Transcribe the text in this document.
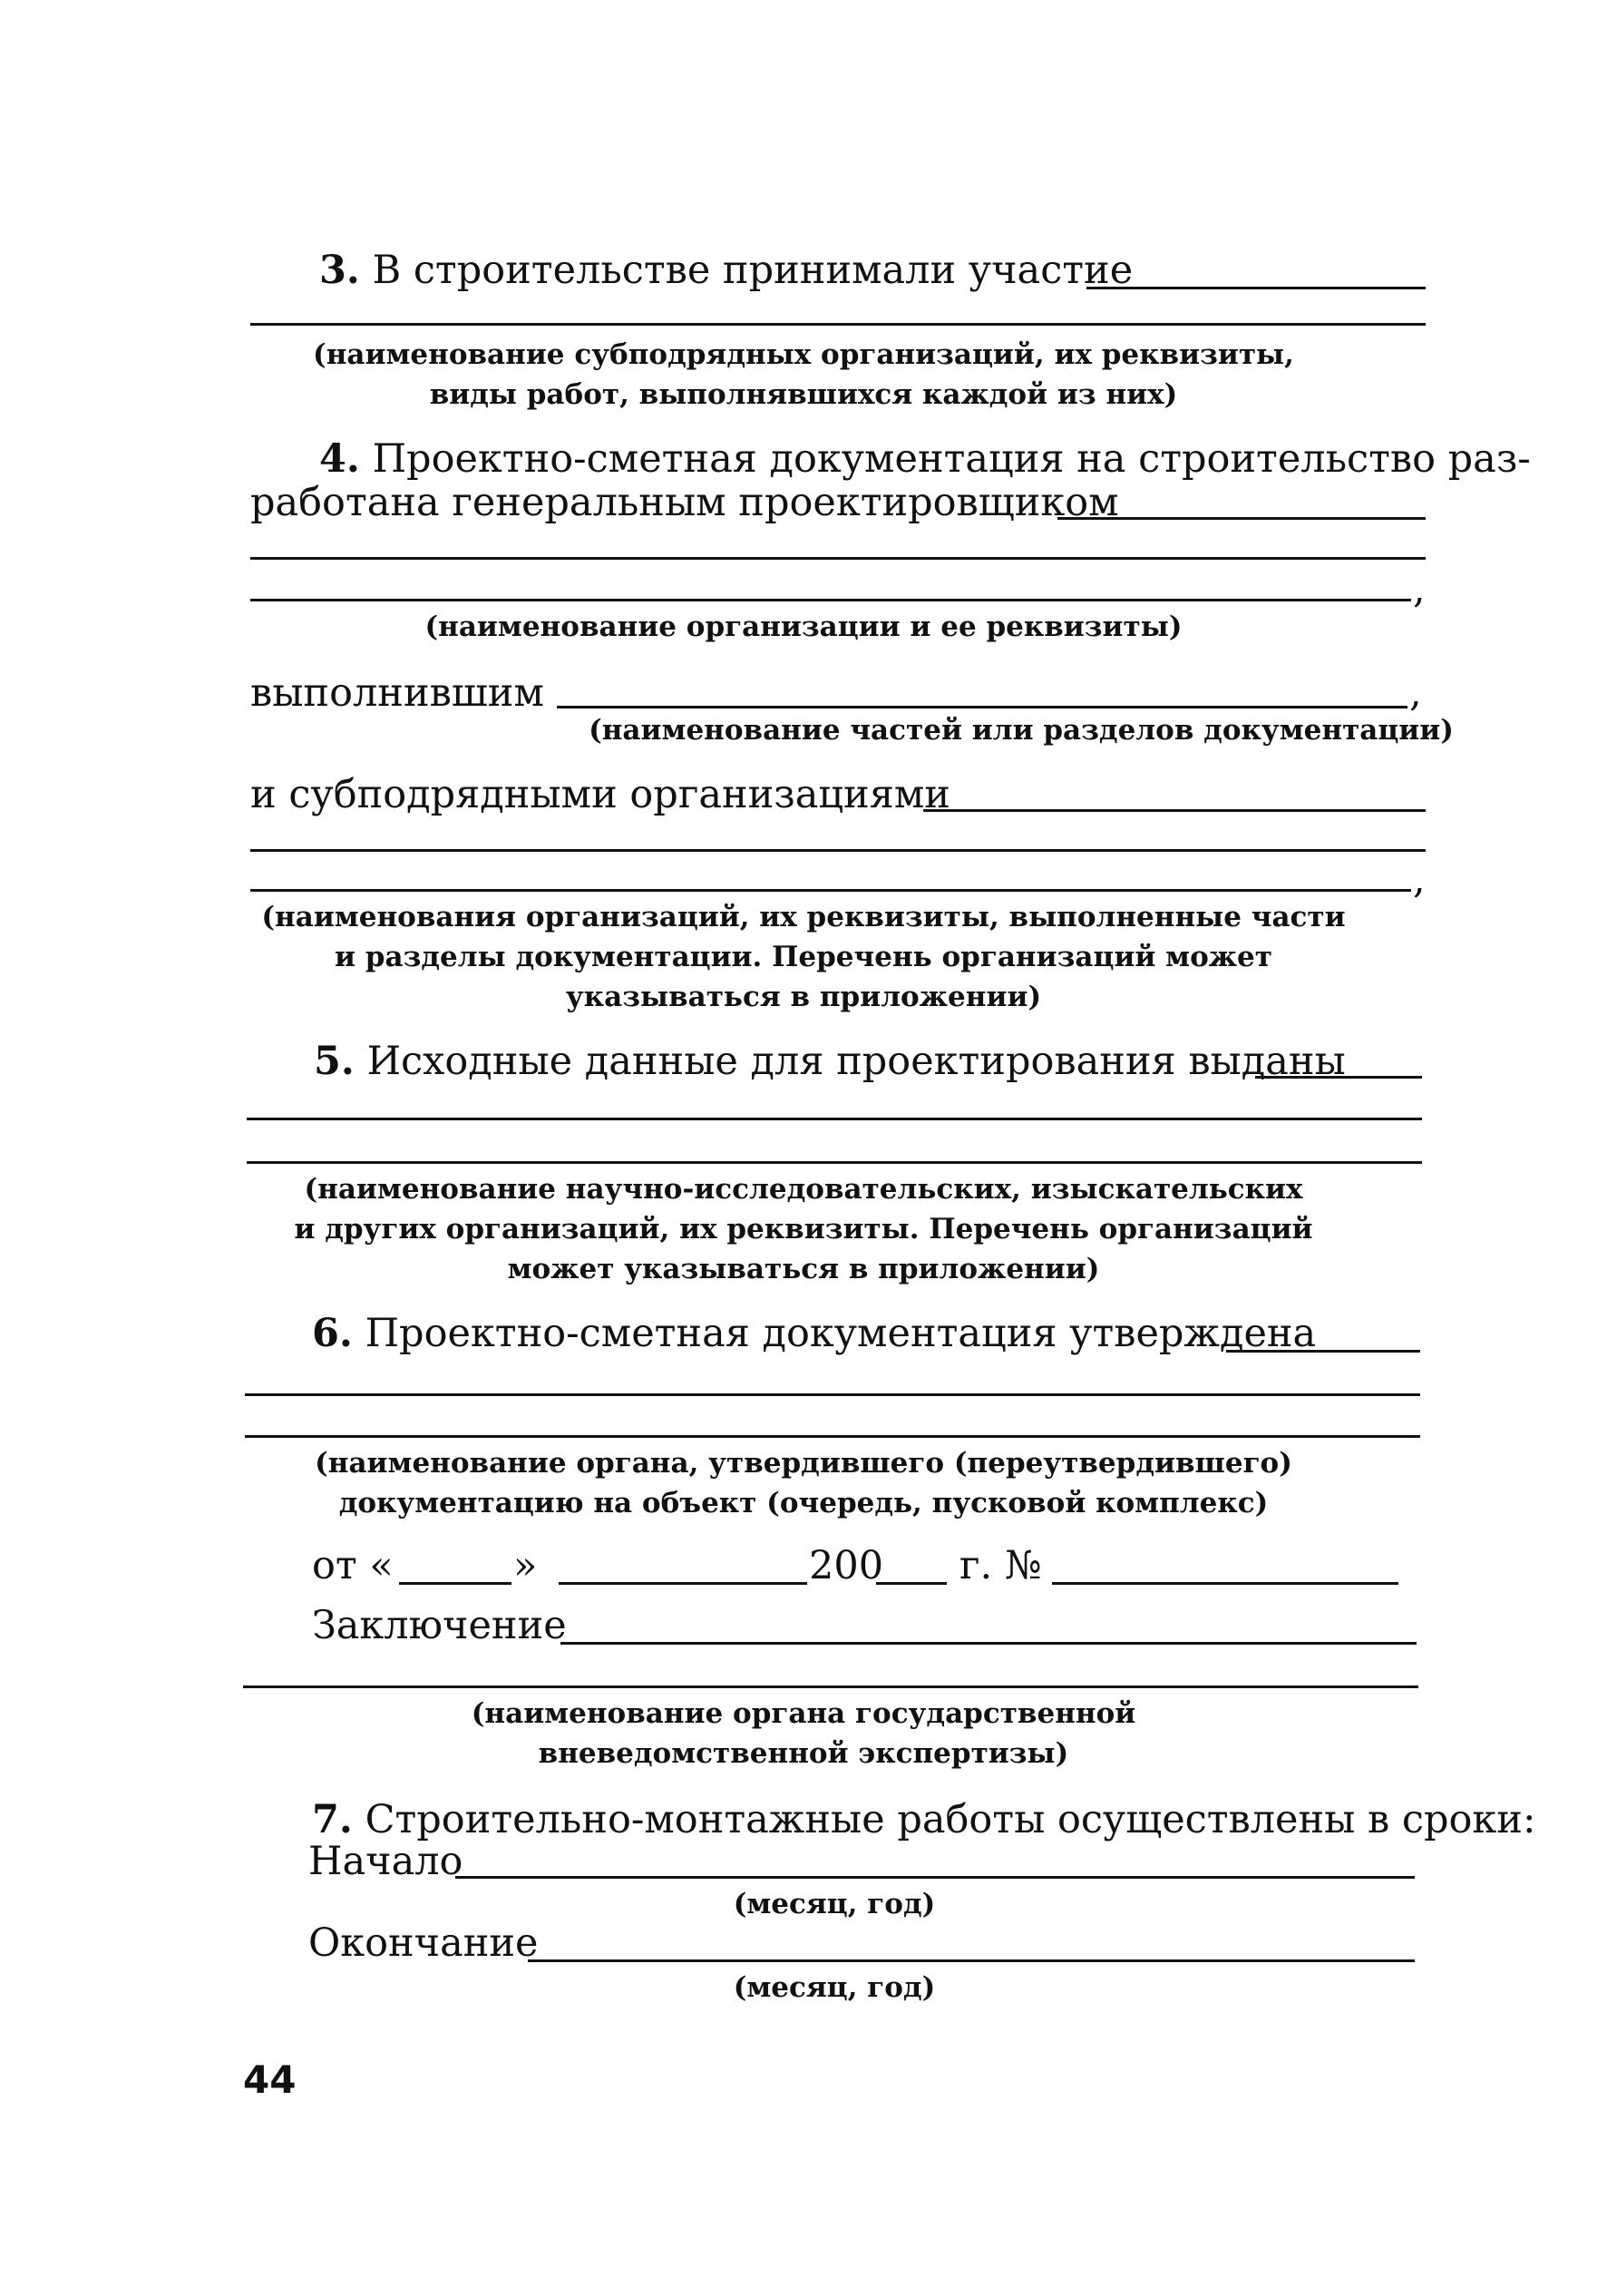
3. В строительстве принимали участие
(наименование субподрядных организаций, их реквизиты,
виды работ, выполнявшихся каждой из них)
4. Проектно-сметная документация на строительство раз-
работана генеральным проектировщиком
,
(наименование организации и ее реквизиты)
выполнившим	,
(наименование частей или разделов документации)
и субподрядными организациями
,
(наименования организаций, их реквизиты, выполненные части
и разделы документации. Перечень организаций может
указываться в приложении)
5. Исходные данные для проектирования выданы
(наименование научно-исследовательских, изыскательских
и других организаций, их реквизиты. Перечень организаций
может указываться в приложении)
6. Проектно-сметная документация утверждена
(наименование органа, утвердившего (переутвердившего)
документацию на объект (очередь, пусковой комплекс)
от «	»	200 г. №
Заключение
(наименование органа государственной
вневедомственной экспертизы)
7. Строительно-монтажные работы осуществлены в сроки:
Начало
(месяц, год)
Окончание
(месяц, год)
44
